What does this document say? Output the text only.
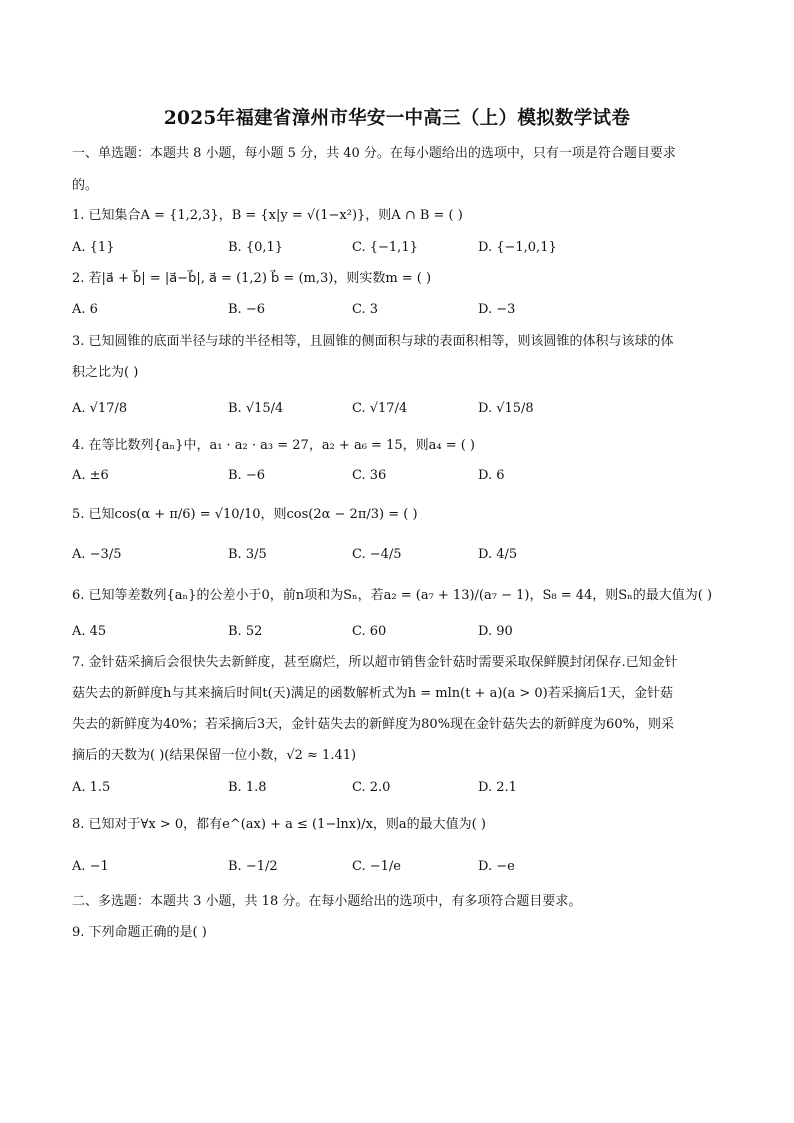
2025年福建省漳州市华安一中高三（上）模拟数学试卷
一、单选题：本题共 8 小题，每小题 5 分，共 40 分。在每小题给出的选项中，只有一项是符合题目要求
的。
1. 已知集合A = {1,2,3}，B = {x|y = √(1−x²)}，则A ∩ B = ( )
A. {1}	B. {0,1}	C. {−1,1}	D. {−1,0,1}
2. 若|a⃗ + b⃗| = |a⃗−b⃗|, a⃗ = (1,2) b⃗ = (m,3)，则实数m = ( )
A. 6	B. −6	C. 3	D. −3
3. 已知圆锥的底面半径与球的半径相等，且圆锥的侧面积与球的表面积相等，则该圆锥的体积与该球的体
积之比为( )
A. √17/8	B. √15/4	C. √17/4	D. √15/8
4. 在等比数列{aₙ}中，a₁ · a₂ · a₃ = 27，a₂ + a₆ = 15，则a₄ = ( )
A. ±6	B. −6	C. 36	D. 6
5. 已知cos(α + π/6) = √10/10，则cos(2α − 2π/3) = ( )
A. −3/5	B. 3/5	C. −4/5	D. 4/5
6. 已知等差数列{aₙ}的公差小于0，前n项和为Sₙ，若a₂ = (a₇ + 13)/(a₇ − 1)，S₈ = 44，则Sₙ的最大值为( )
A. 45	B. 52	C. 60	D. 90
7. 金针菇采摘后会很快失去新鲜度，甚至腐烂，所以超市销售金针菇时需要采取保鲜膜封闭保存.已知金针
菇失去的新鲜度h与其来摘后时间t(天)满足的函数解析式为h = mln(t + a)(a > 0)若采摘后1天，金针菇
失去的新鲜度为40%；若采摘后3天，金针菇失去的新鲜度为80%现在金针菇失去的新鲜度为60%，则采
摘后的天数为( )(结果保留一位小数，√2 ≈ 1.41)
A. 1.5	B. 1.8	C. 2.0	D. 2.1
8. 已知对于∀x > 0，都有e^(ax) + a ≤ (1−lnx)/x，则a的最大值为( )
A. −1	B. −1/2	C. −1/e	D. −e
二、多选题：本题共 3 小题，共 18 分。在每小题给出的选项中，有多项符合题目要求。
9. 下列命题正确的是( )
